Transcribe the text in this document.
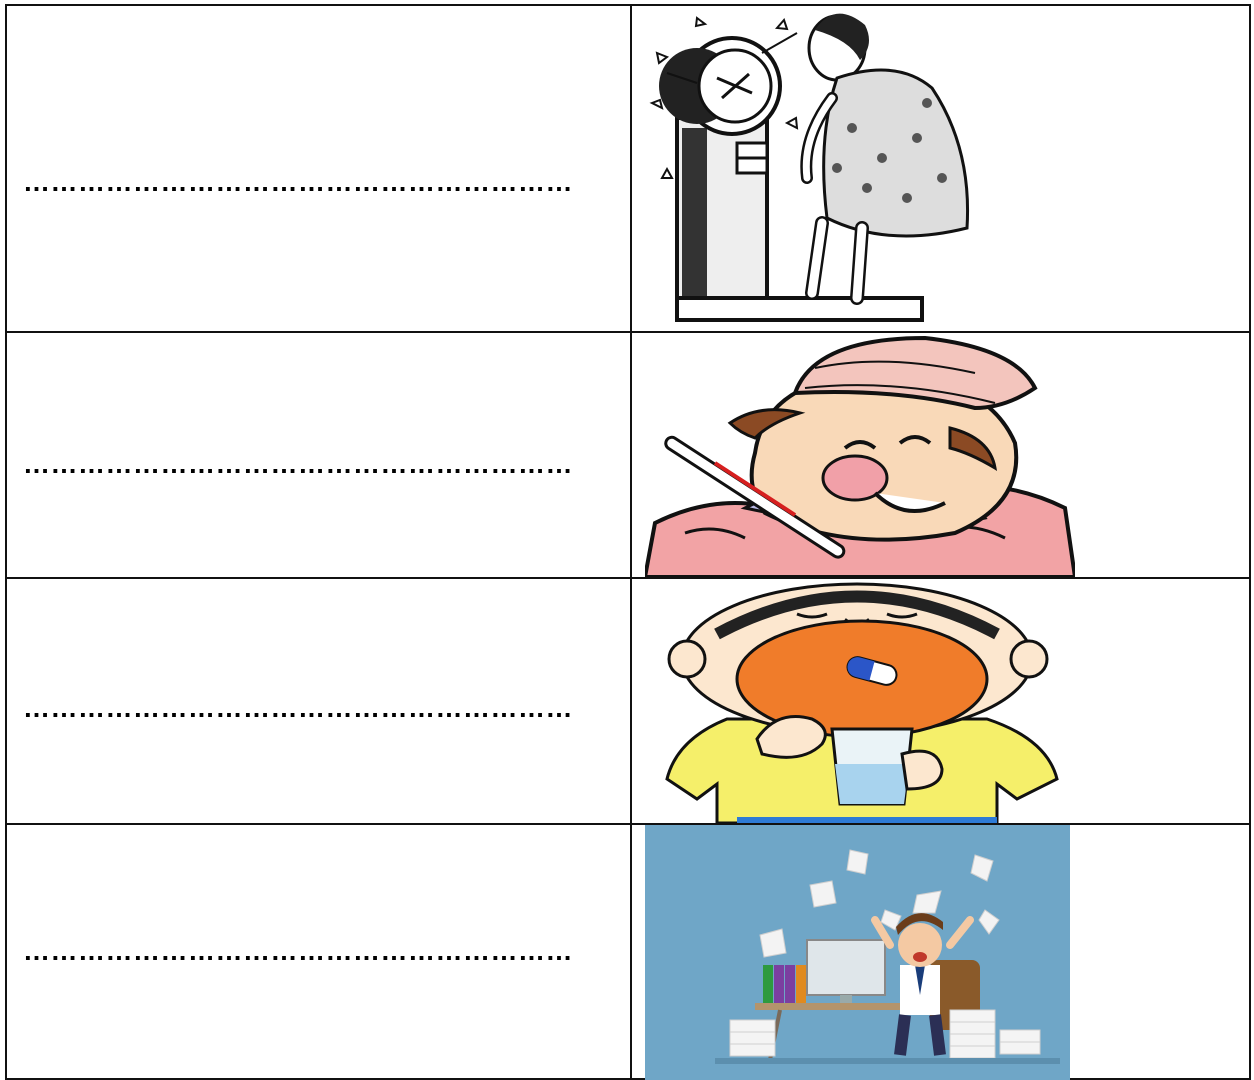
……………………………………………………
……………………………………………………
……………………………………………………
……………………………………………………
